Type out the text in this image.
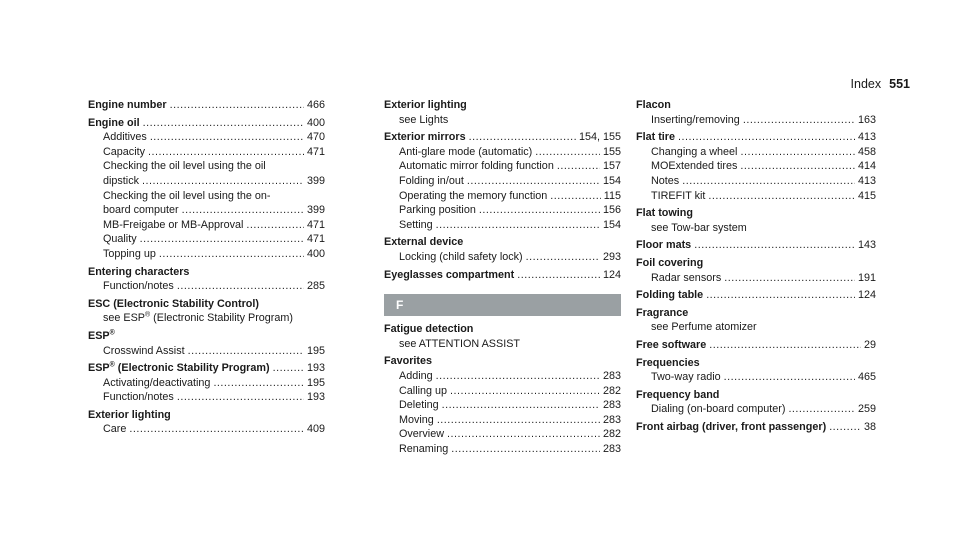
Index 551
Engine number .....	466
Engine oil .....	400
Additives .....	470
Capacity .....	471
Checking the oil level using the oil
dipstick .....	399
Checking the oil level using the on-
board computer .....	399
MB-Freigabe or MB-Approval .....	471
Quality .....	471
Topping up .....	400
Entering characters
Function/notes .....	285
ESC (Electronic Stability Control)
see ESP® (Electronic Stability Program)
ESP®
Crosswind Assist .....	195
ESP® (Electronic Stability Program) .....	193
Activating/deactivating .....	195
Function/notes .....	193
Exterior lighting
Care .....	409
Exterior lighting
see Lights
Exterior mirrors .....	154, 155
Anti-glare mode (automatic) .....	155
Automatic mirror folding function .....	157
Folding in/out .....	154
Operating the memory function .....	115
Parking position .....	156
Setting .....	154
External device
Locking (child safety lock) .....	293
Eyeglasses compartment .....	124
F
Fatigue detection
see ATTENTION ASSIST
Favorites
Adding .....	283
Calling up .....	282
Deleting .....	283
Moving .....	283
Overview .....	282
Renaming .....	283
Flacon
Inserting/removing .....	163
Flat tire .....	413
Changing a wheel .....	458
MOExtended tires .....	414
Notes .....	413
TIREFIT kit .....	415
Flat towing
see Tow-bar system
Floor mats .....	143
Foil covering
Radar sensors .....	191
Folding table .....	124
Fragrance
see Perfume atomizer
Free software .....	29
Frequencies
Two-way radio .....	465
Frequency band
Dialing (on-board computer) .....	259
Front airbag (driver, front passenger) .....	38
